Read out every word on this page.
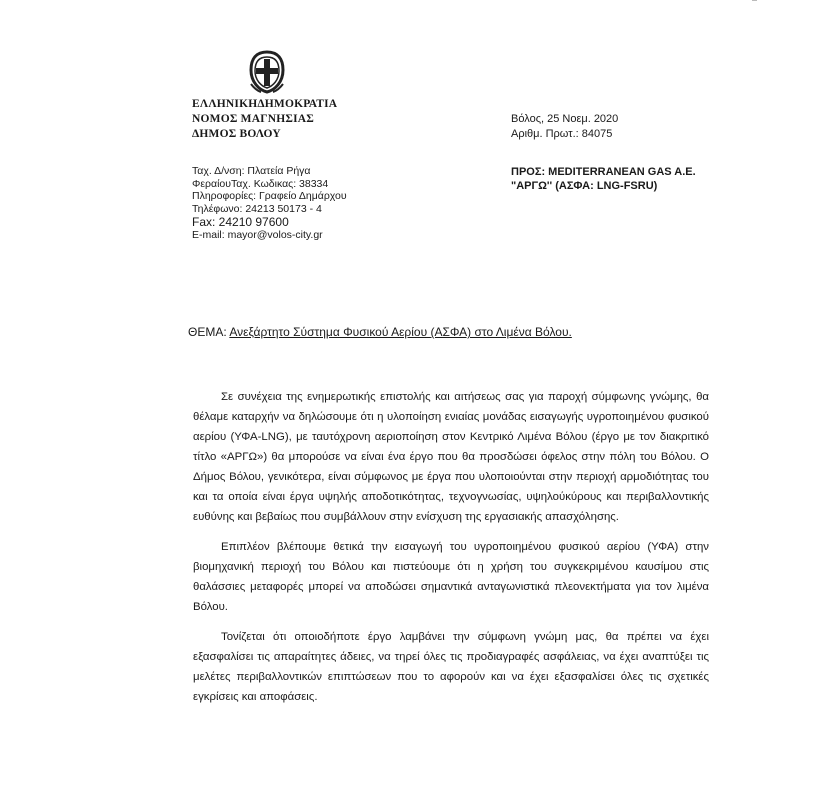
ΕΛΛΗΝΙΚΗΔΗΜΟΚΡΑΤΙΑ
ΝΟΜΟΣ ΜΑΓΝΗΣΙΑΣ
ΔΗΜΟΣ ΒΟΛΟΥ
Ταχ. Δ/νση: Πλατεία Ρήγα
ΦεραίουΤαχ. Κωδικας: 38334
Πληροφορίες: Γραφείο Δημάρχου
Τηλέφωνο: 24213 50173 - 4
Fax: 24210 97600
E-mail: mayor@volos-city.gr
Βόλος, 25 Νοεμ. 2020
Αριθμ. Πρωτ.: 84075
ΠΡΟΣ: MEDITERRANEAN GAS A.E.
"ΑΡΓΩ'' (ΑΣΦΑ: LNG-FSRU)
ΘΕΜΑ: Ανεξάρτητο Σύστημα Φυσικού Αερίου (ΑΣΦΑ) στο Λιμένα Βόλου.

Σε συνέχεια της ενημερωτικής επιστολής και αιτήσεως σας για παροχή σύμφωνης γνώμης, θα θέλαμε καταρχήν να δηλώσουμε ότι η υλοποίηση ενιαίας μονάδας εισαγωγής υγροποιημένου φυσικού αερίου (ΥΦΑ-LNG), με ταυτόχρονη αεριοποίηση στον Κεντρικό Λιμένα Βόλου (έργο με τον διακριτικό τίτλο «ΑΡΓΩ») θα μπορούσε να είναι ένα έργο που θα προσδώσει όφελος στην πόλη του Βόλου. Ο Δήμος Βόλου, γενικότερα, είναι σύμφωνος με έργα που υλοποιούνται στην περιοχή αρμοδιότητας του και τα οποία είναι έργα υψηλής αποδοτικότητας, τεχνογνωσίας, υψηλούκύρους και περιβαλλοντικής ευθύνης και βεβαίως που συμβάλλουν στην ενίσχυση της εργασιακής απασχόλησης.

Επιπλέον βλέπουμε θετικά την εισαγωγή του υγροποιημένου φυσικού αερίου (ΥΦΑ) στην βιομηχανική περιοχή του Βόλου και πιστεύουμε ότι η χρήση του συγκεκριμένου καυσίμου στις θαλάσσιες μεταφορές μπορεί να αποδώσει σημαντικά ανταγωνιστικά πλεονεκτήματα για τον λιμένα Βόλου.

Τονίζεται ότι οποιοδήποτε έργο λαμβάνει την σύμφωνη γνώμη μας, θα πρέπει να έχει εξασφαλίσει τις απαραίτητες άδειες, να τηρεί όλες τις προδιαγραφές ασφάλειας, να έχει αναπτύξει τις μελέτες περιβαλλοντικών επιπτώσεων που το αφορούν και να έχει εξασφαλίσει όλες τις σχετικές εγκρίσεις και αποφάσεις.
